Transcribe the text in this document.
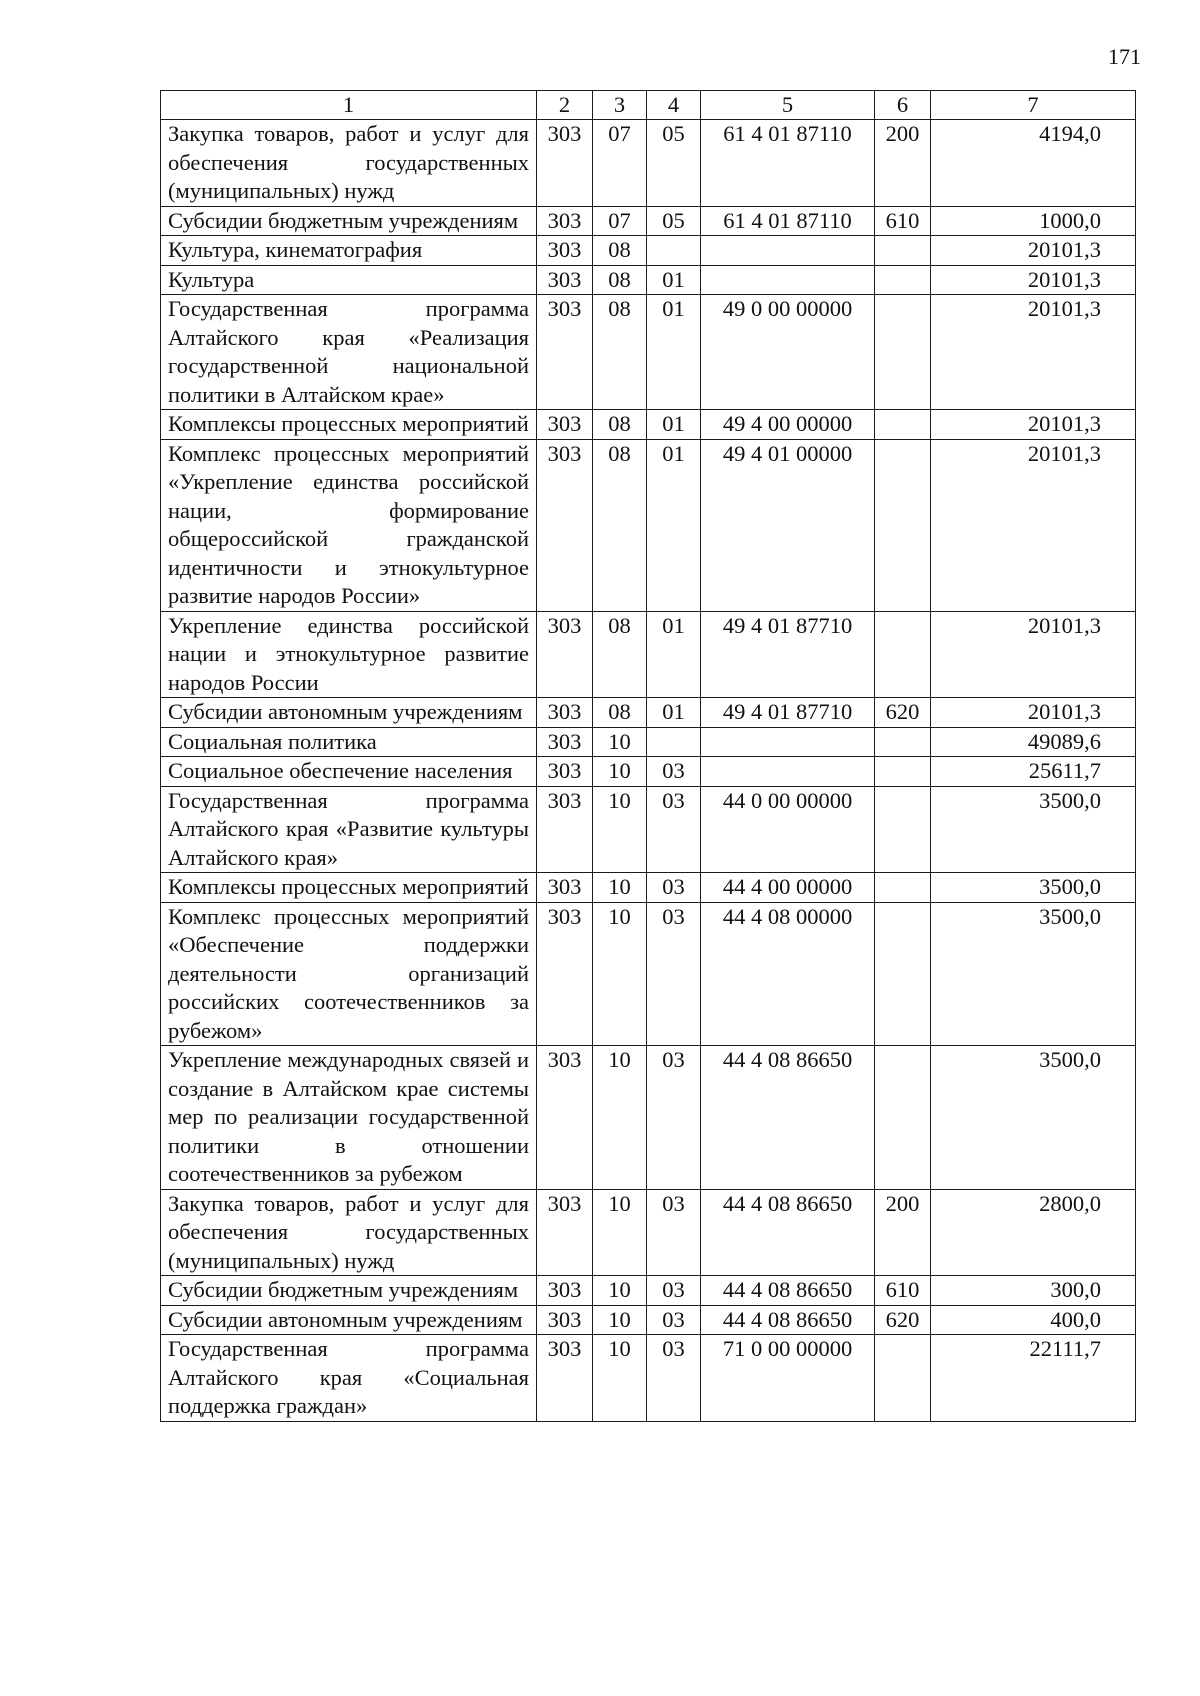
171
1	2	3	4	5	6	7
Закупка товаров, работ и услуг для обеспечения государственных (муниципальных) нужд	303	07	05	61 4 01 87110	200	4194,0
Субсидии бюджетным учреждениям	303	07	05	61 4 01 87110	610	1000,0
Культура, кинематография	303	08				20101,3
Культура	303	08	01			20101,3
Государственная программа Алтайского края «Реализация государственной национальной политики в Алтайском крае»	303	08	01	49 0 00 00000		20101,3
Комплексы процессных мероприятий	303	08	01	49 4 00 00000		20101,3
Комплекс процессных мероприятий «Укрепление единства российской нации, формирование общероссийской гражданской идентичности и этнокультурное развитие народов России»	303	08	01	49 4 01 00000		20101,3
Укрепление единства российской нации и этнокультурное развитие народов России	303	08	01	49 4 01 87710		20101,3
Субсидии автономным учреждениям	303	08	01	49 4 01 87710	620	20101,3
Социальная политика	303	10				49089,6
Социальное обеспечение населения	303	10	03			25611,7
Государственная программа Алтайского края «Развитие культуры Алтайского края»	303	10	03	44 0 00 00000		3500,0
Комплексы процессных мероприятий	303	10	03	44 4 00 00000		3500,0
Комплекс процессных мероприятий «Обеспечение поддержки деятельности организаций российских соотечественников за рубежом»	303	10	03	44 4 08 00000		3500,0
Укрепление международных связей и создание в Алтайском крае системы мер по реализации государственной политики в отношении соотечественников за рубежом	303	10	03	44 4 08 86650		3500,0
Закупка товаров, работ и услуг для обеспечения государственных (муниципальных) нужд	303	10	03	44 4 08 86650	200	2800,0
Субсидии бюджетным учреждениям	303	10	03	44 4 08 86650	610	300,0
Субсидии автономным учреждениям	303	10	03	44 4 08 86650	620	400,0
Государственная программа Алтайского края «Социальная поддержка граждан»	303	10	03	71 0 00 00000		22111,7
